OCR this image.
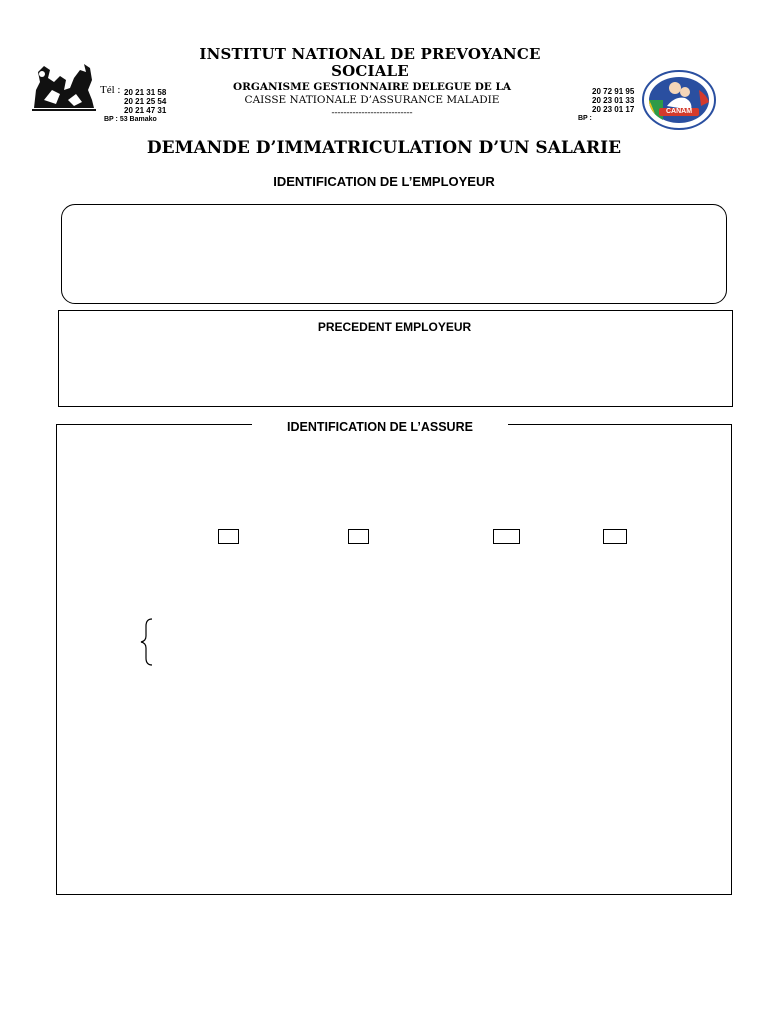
Tél : 20 21 31 58
20 21 25 54
20 21 47 31
BP : 53 Bamako
INSTITUT NATIONAL DE PREVOYANCE SOCIALE
ORGANISME GESTIONNAIRE DELEGUE DE LA
CAISSE NATIONALE D’ASSURANCE MALADIE
---------------------------
20 72 91 95
20 23 01 33
20 23 01 17
BP :
CANAM
DEMANDE D’IMMATRICULATION D’UN SALARIE
IDENTIFICATION DE L’EMPLOYEUR
PRECEDENT EMPLOYEUR
IDENTIFICATION DE L’ASSURE
